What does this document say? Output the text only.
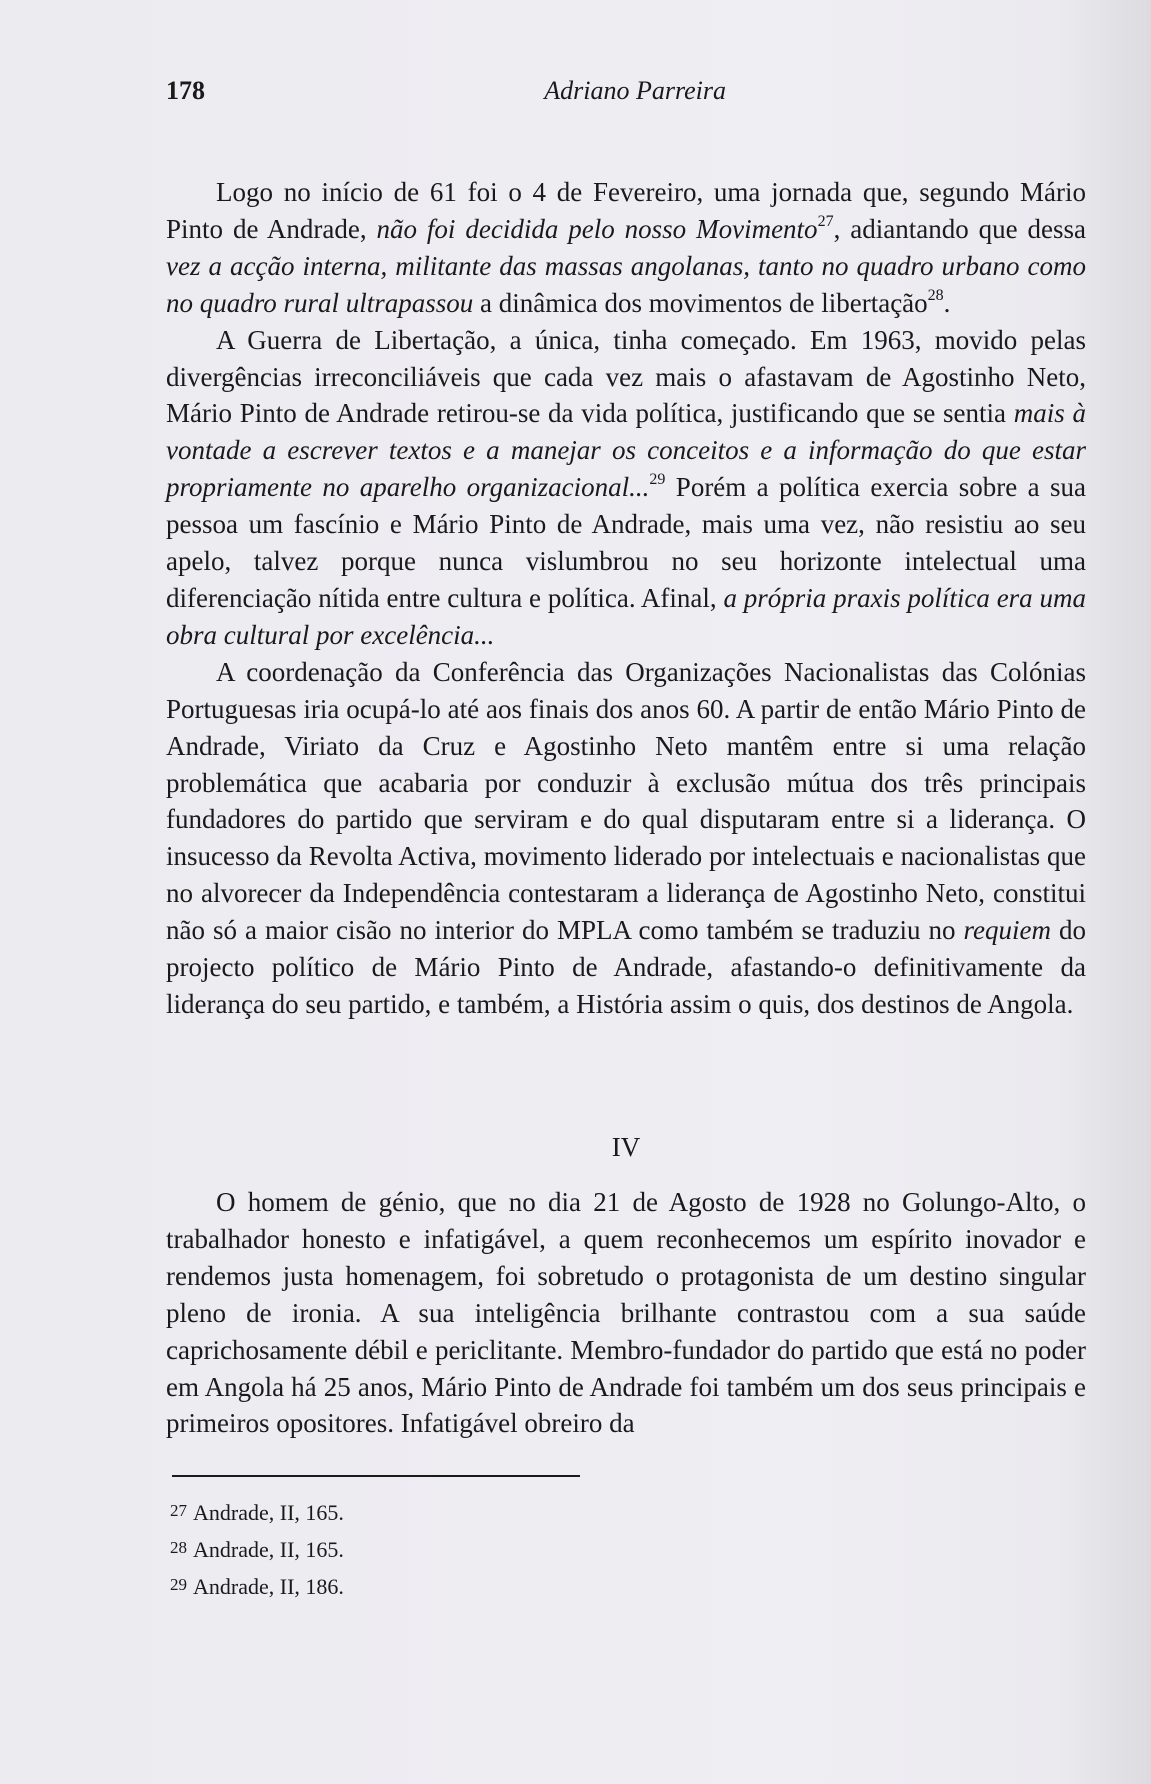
178	Adriano Parreira

Logo no início de 61 foi o 4 de Fevereiro, uma jornada que, segundo Mário Pinto de Andrade, não foi decidida pelo nosso Movimento$^{27}$, adiantando que dessa vez a acção interna, militante das massas angolanas, tanto no quadro urbano como no quadro rural ultrapassou a dinâmica dos movimentos de libertação$^{28}$.

A Guerra de Libertação, a única, tinha começado. Em 1963, movido pelas divergências irreconciliáveis que cada vez mais o afastavam de Agostinho Neto, Mário Pinto de Andrade retirou-se da vida política, justificando que se sentia mais à vontade a escrever textos e a manejar os conceitos e a informação do que estar propriamente no aparelho organizacional...$^{29}$ Porém a política exercia sobre a sua pessoa um fascínio e Mário Pinto de Andrade, mais uma vez, não resistiu ao seu apelo, talvez porque nunca vislumbrou no seu horizonte intelectual uma diferenciação nítida entre cultura e política. Afinal, a própria praxis política era uma obra cultural por excelência...

A coordenação da Conferência das Organizações Nacionalistas das Colónias Portuguesas iria ocupá-lo até aos finais dos anos 60. A partir de então Mário Pinto de Andrade, Viriato da Cruz e Agostinho Neto mantêm entre si uma relação problemática que acabaria por conduzir à exclusão mútua dos três principais fundadores do partido que serviram e do qual disputaram entre si a liderança. O insucesso da Revolta Activa, movimento liderado por intelectuais e nacionalistas que no alvorecer da Independência contestaram a liderança de Agostinho Neto, constitui não só a maior cisão no interior do MPLA como também se traduziu no requiem do projecto político de Mário Pinto de Andrade, afastando-o definitivamente da liderança do seu partido, e também, a História assim o quis, dos destinos de Angola.

IV

O homem de génio, que no dia 21 de Agosto de 1928 no Golungo-Alto, o trabalhador honesto e infatigável, a quem reconhecemos um espírito inovador e rendemos justa homenagem, foi sobretudo o protagonista de um destino singular pleno de ironia. A sua inteligência brilhante contrastou com a sua saúde caprichosamente débil e periclitante. Membro-fundador do partido que está no poder em Angola há 25 anos, Mário Pinto de Andrade foi também um dos seus principais e primeiros opositores. Infatigável obreiro da

27 Andrade, II, 165.
28 Andrade, II, 165.
29 Andrade, II, 186.
